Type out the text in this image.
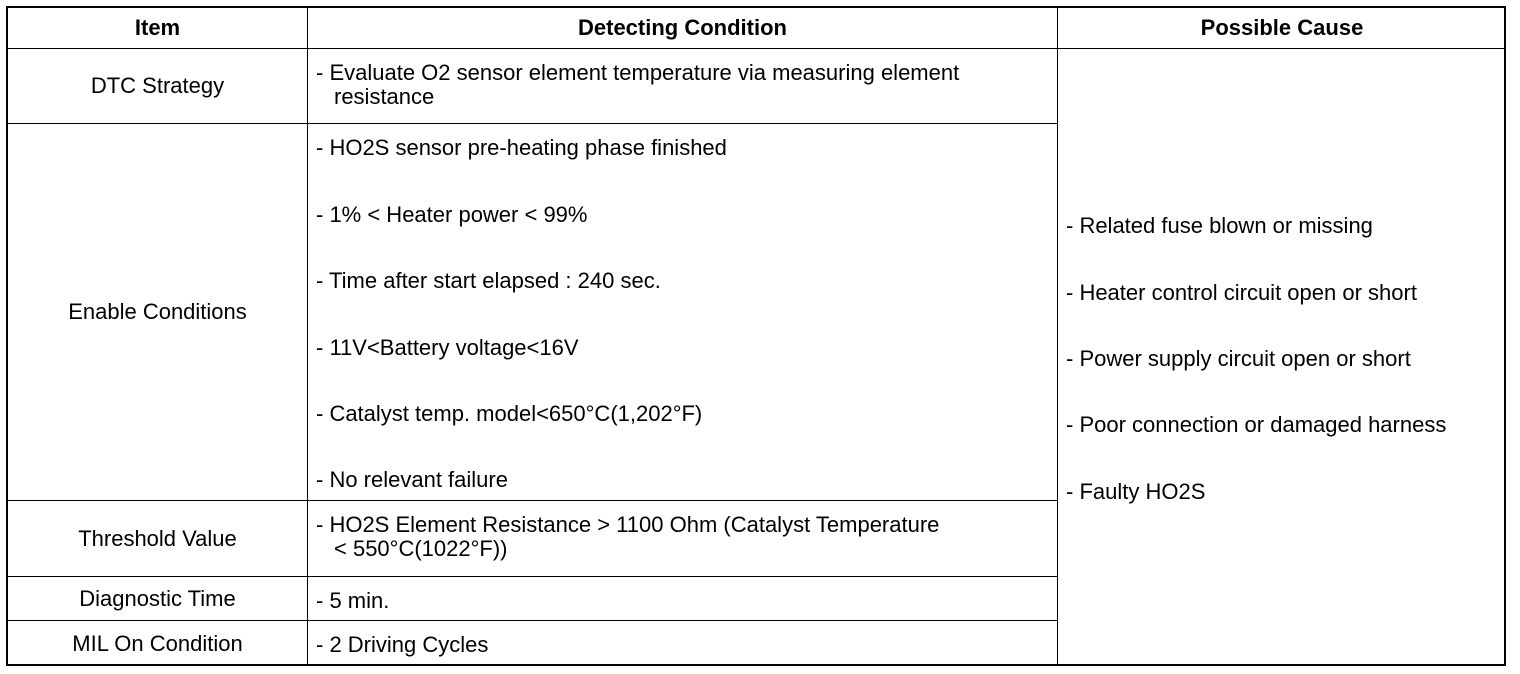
Item	Detecting Condition	Possible Cause
DTC Strategy
Enable Conditions
Threshold Value
Diagnostic Time
MIL On Condition
- Evaluate O2 sensor element temperature via measuring element
resistance
- HO2S sensor pre-heating phase finished
- 1% < Heater power < 99%
- Time after start elapsed : 240 sec.
- 11V<Battery voltage<16V
- Catalyst temp. model<650°C(1,202°F)
- No relevant failure
- HO2S Element Resistance > 1100 Ohm (Catalyst Temperature
< 550°C(1022°F))
- 5 min.
- 2 Driving Cycles
- Related fuse blown or missing
- Heater control circuit open or short
- Power supply circuit open or short
- Poor connection or damaged harness
- Faulty HO2S
